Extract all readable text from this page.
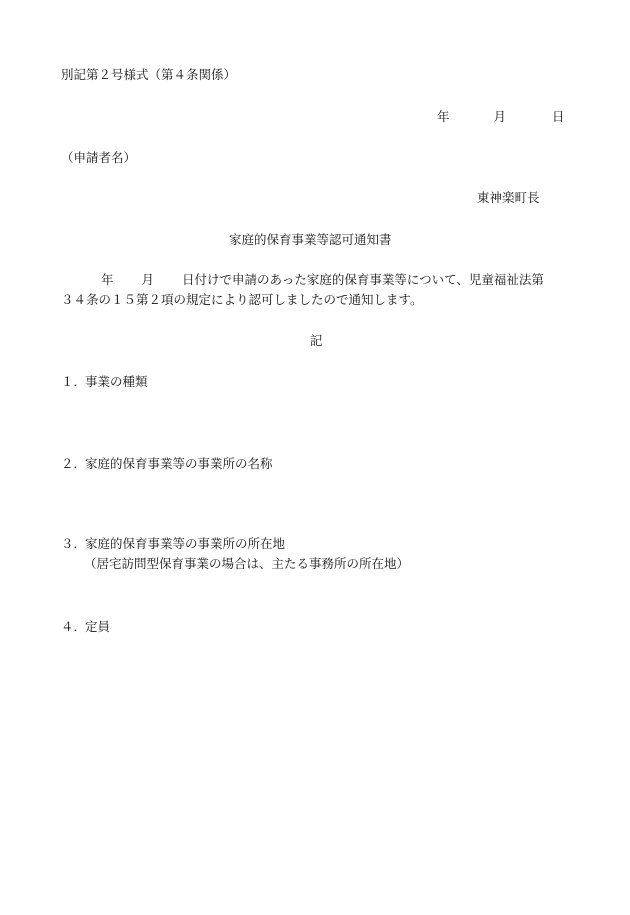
別記第２号様式（第４条関係）
年	月	日
（申請者名）
東神楽町長
家庭的保育事業等認可通知書
年 月 日付けで申請のあった家庭的保育事業等について、児童福祉法第
３４条の１５第２項の規定により認可しましたので通知します。
記
１．事業の種類
２．家庭的保育事業等の事業所の名称
３．家庭的保育事業等の事業所の所在地
（居宅訪問型保育事業の場合は、主たる事務所の所在地）
４．定員
